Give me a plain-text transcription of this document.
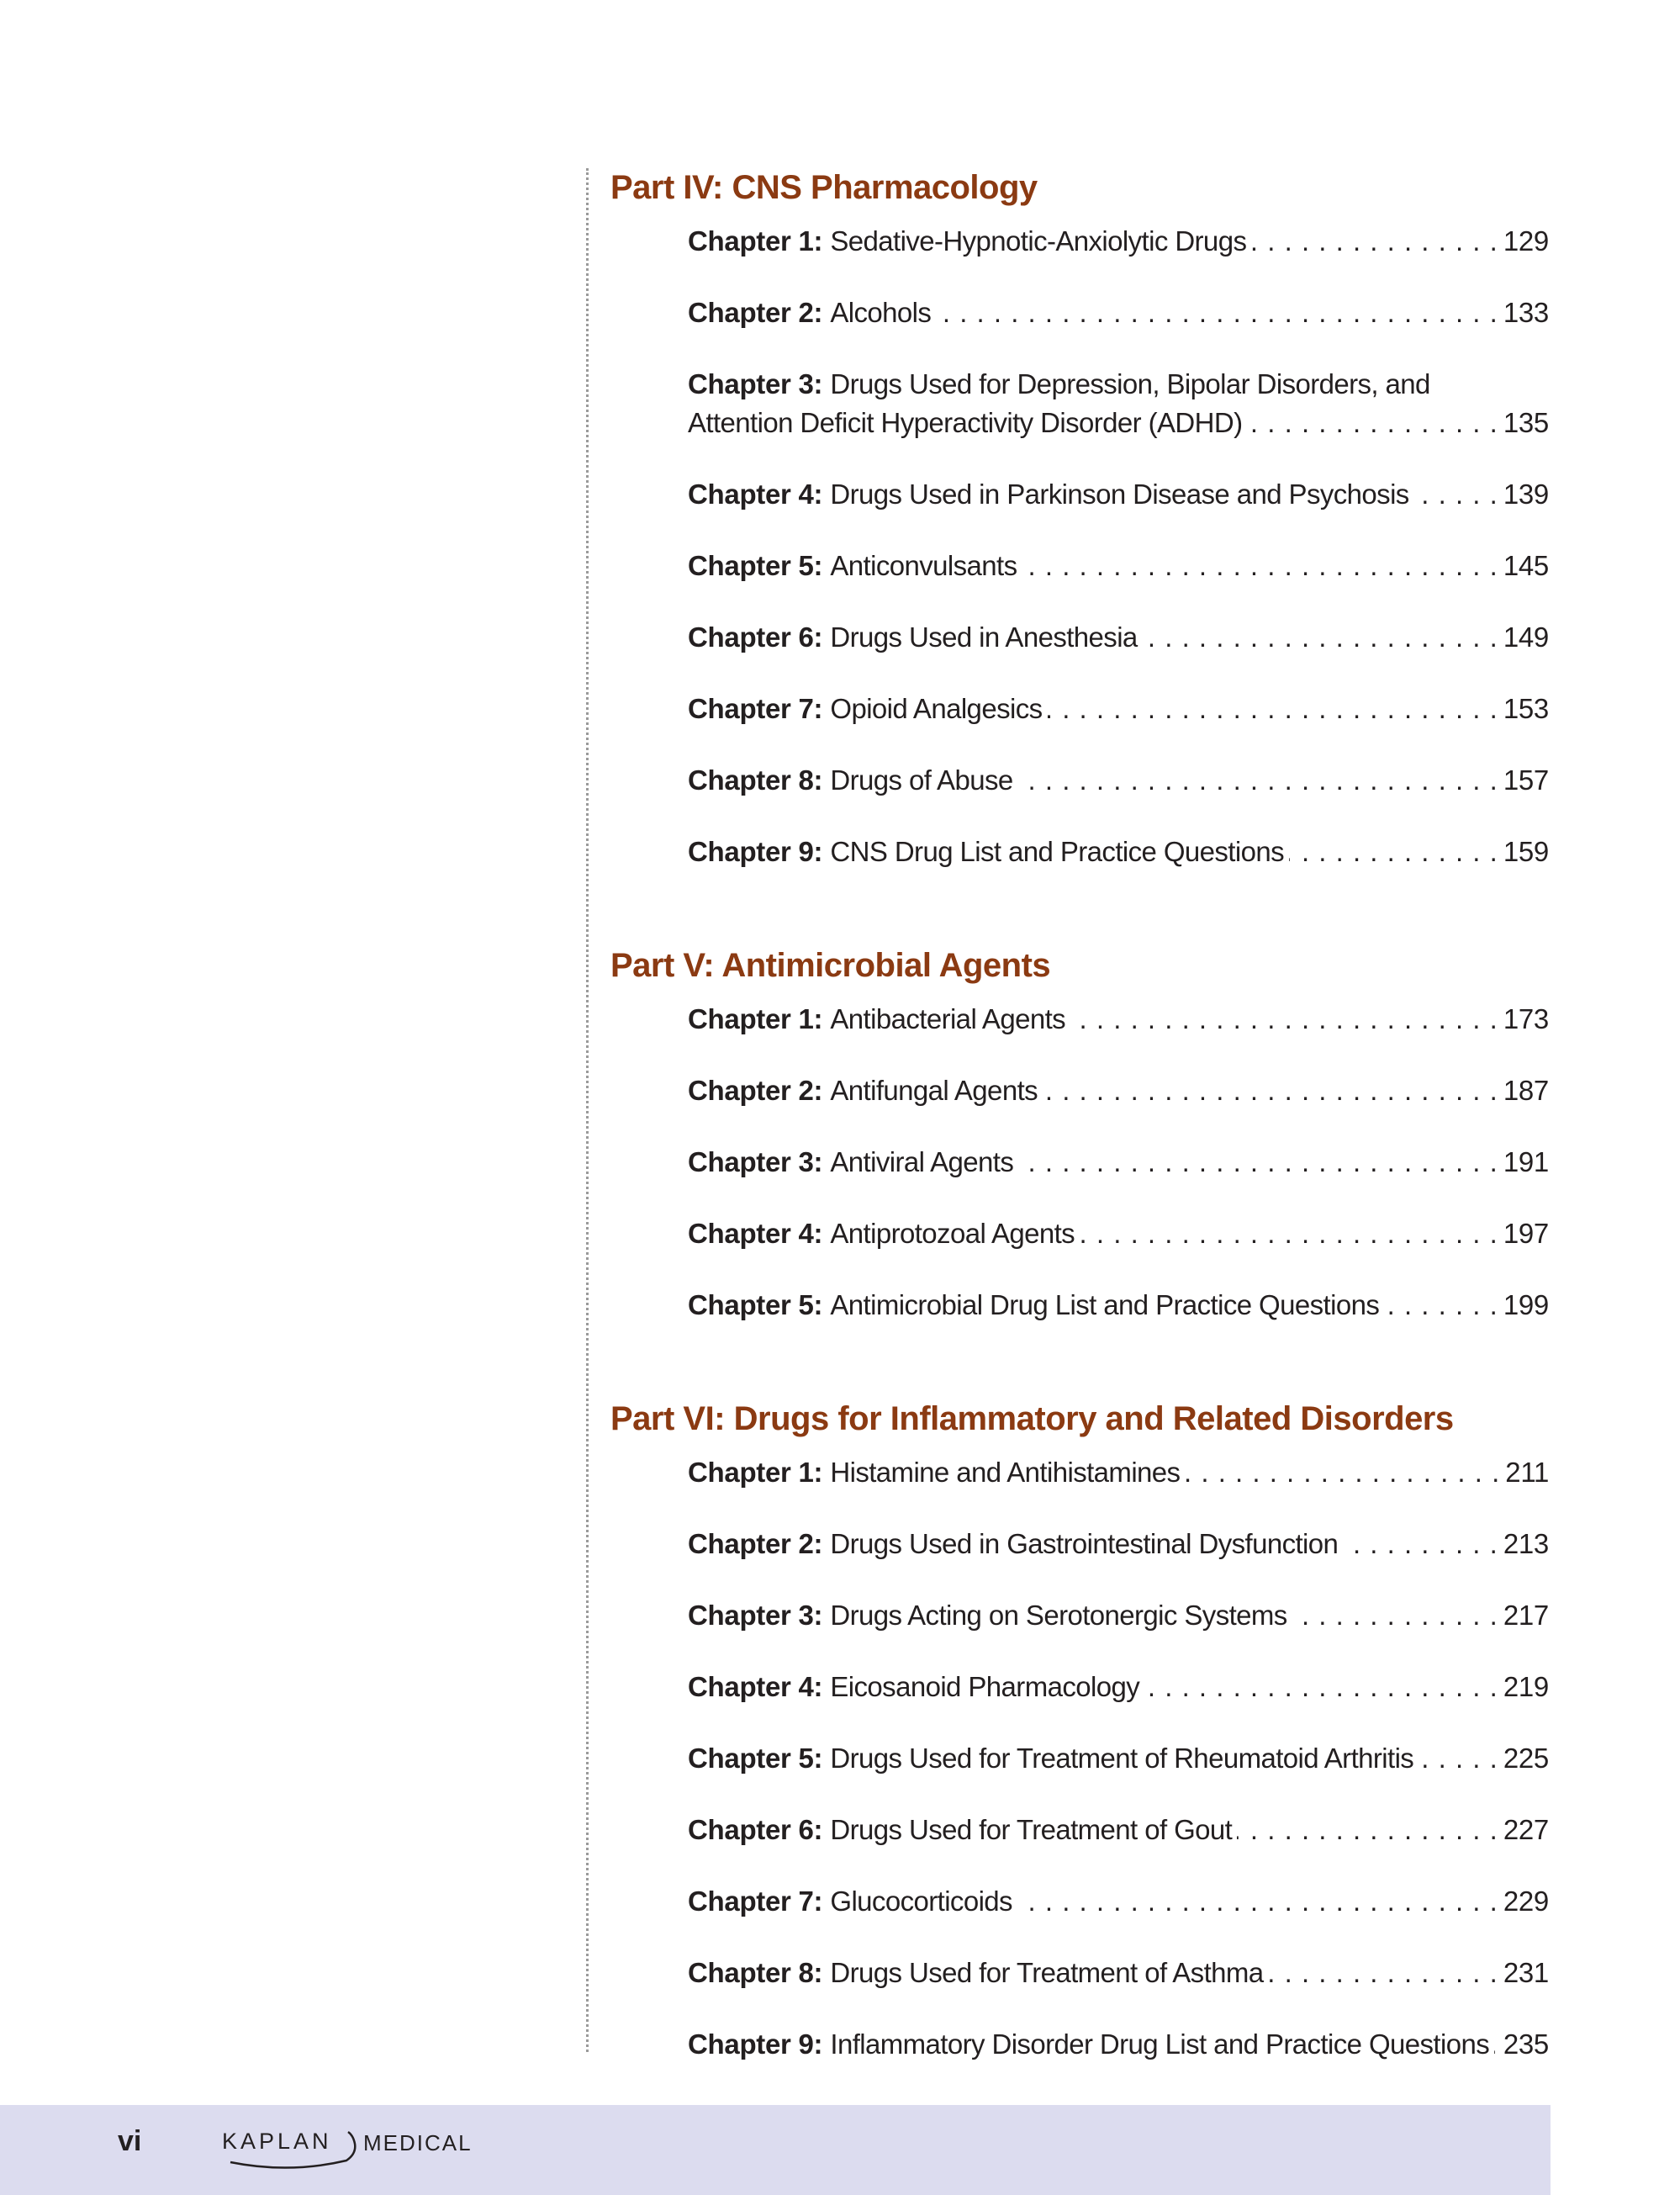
Part IV: CNS Pharmacology
Chapter 1:
Sedative-Hypnotic-Anxiolytic Drugs . . .	129
Chapter 2:
Alcohols . . .	133
Chapter 3: Drugs Used for Depression, Bipolar Disorders, and
Attention Deficit Hyperactivity Disorder (ADHD) . . .	135
Chapter 4:
Drugs Used in Parkinson Disease and Psychosis . . .	139
Chapter 5:
Anticonvulsants . . .	145
Chapter 6:
Drugs Used in Anesthesia . . .	149
Chapter 7:
Opioid Analgesics . . .	153
Chapter 8:
Drugs of Abuse . . .	157
Chapter 9:
CNS Drug List and Practice Questions . . .	159
Part V: Antimicrobial Agents
Chapter 1:
Antibacterial Agents . . .	173
Chapter 2:
Antifungal Agents . . .	187
Chapter 3:
Antiviral Agents . . .	191
Chapter 4:
Antiprotozoal Agents . . .	197
Chapter 5:
Antimicrobial Drug List and Practice Questions . . .	199
Part VI: Drugs for Inflammatory and Related Disorders
Chapter 1:
Histamine and Antihistamines . . .	211
Chapter 2:
Drugs Used in Gastrointestinal Dysfunction . . .	213
Chapter 3:
Drugs Acting on Serotonergic Systems . . .	217
Chapter 4:
Eicosanoid Pharmacology . . .	219
Chapter 5:
Drugs Used for Treatment of Rheumatoid Arthritis . . .	225
Chapter 6:
Drugs Used for Treatment of Gout . . .	227
Chapter 7:
Glucocorticoids . . .	229
Chapter 8:
Drugs Used for Treatment of Asthma . . .	231
Chapter 9:
Inflammatory Disorder Drug List and Practice Questions . . . 235
vi	KAPLAN MEDICAL
